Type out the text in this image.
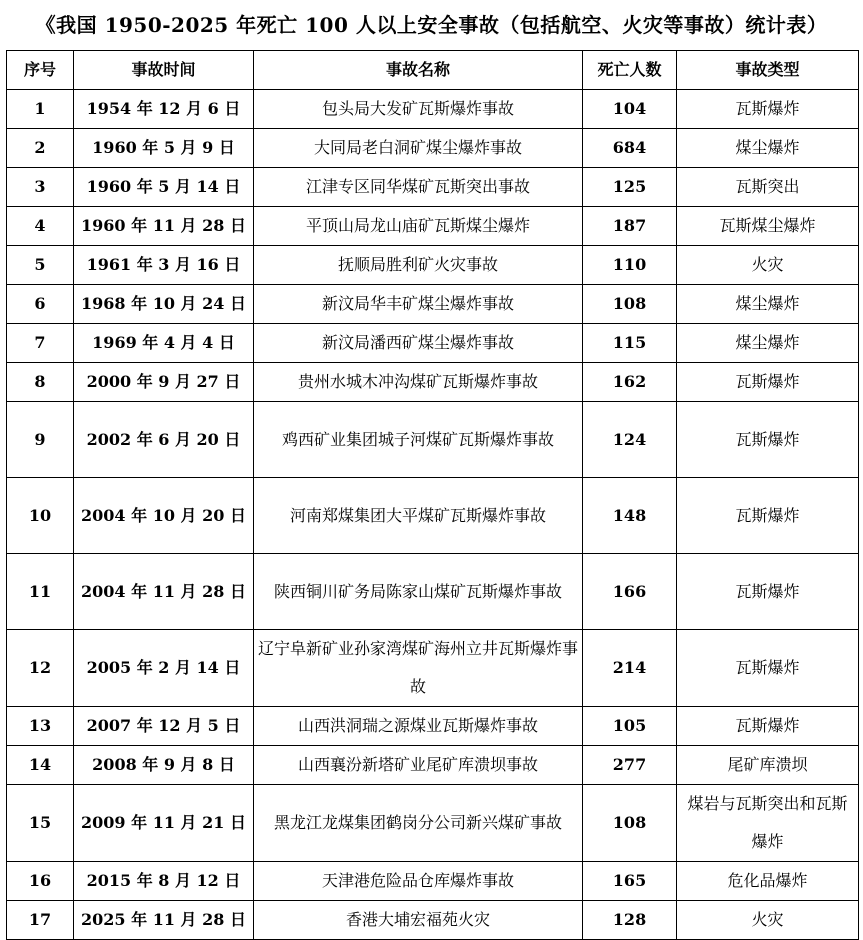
《我国 1950-2025 年死亡 100 人以上安全事故（包括航空、火灾等事故）统计表）
序号	事故时间	事故名称	死亡人数	事故类型
1	1954 年 12 月 6 日	包头局大发矿瓦斯爆炸事故	104	瓦斯爆炸
2	1960 年 5 月 9 日	大同局老白洞矿煤尘爆炸事故	684	煤尘爆炸
3	1960 年 5 月 14 日	江津专区同华煤矿瓦斯突出事故	125	瓦斯突出
4	1960 年 11 月 28 日	平顶山局龙山庙矿瓦斯煤尘爆炸	187	瓦斯煤尘爆炸
5	1961 年 3 月 16 日	抚顺局胜利矿火灾事故	110	火灾
6	1968 年 10 月 24 日	新汶局华丰矿煤尘爆炸事故	108	煤尘爆炸
7	1969 年 4 月 4 日	新汶局潘西矿煤尘爆炸事故	115	煤尘爆炸
8	2000 年 9 月 27 日	贵州水城木冲沟煤矿瓦斯爆炸事故	162	瓦斯爆炸
9	2002 年 6 月 20 日	鸡西矿业集团城子河煤矿瓦斯爆炸事故	124	瓦斯爆炸
10	2004 年 10 月 20 日	河南郑煤集团大平煤矿瓦斯爆炸事故	148	瓦斯爆炸
11	2004 年 11 月 28 日	陕西铜川矿务局陈家山煤矿瓦斯爆炸事故	166	瓦斯爆炸
12	2005 年 2 月 14 日	辽宁阜新矿业孙家湾煤矿海州立井瓦斯爆炸事故	214	瓦斯爆炸
13	2007 年 12 月 5 日	山西洪洞瑞之源煤业瓦斯爆炸事故	105	瓦斯爆炸
14	2008 年 9 月 8 日	山西襄汾新塔矿业尾矿库溃坝事故	277	尾矿库溃坝
15	2009 年 11 月 21 日	黑龙江龙煤集团鹤岗分公司新兴煤矿事故	108	煤岩与瓦斯突出和瓦斯爆炸
16	2015 年 8 月 12 日	天津港危险品仓库爆炸事故	165	危化品爆炸
17	2025 年 11 月 28 日	香港大埔宏福苑火灾	128	火灾
